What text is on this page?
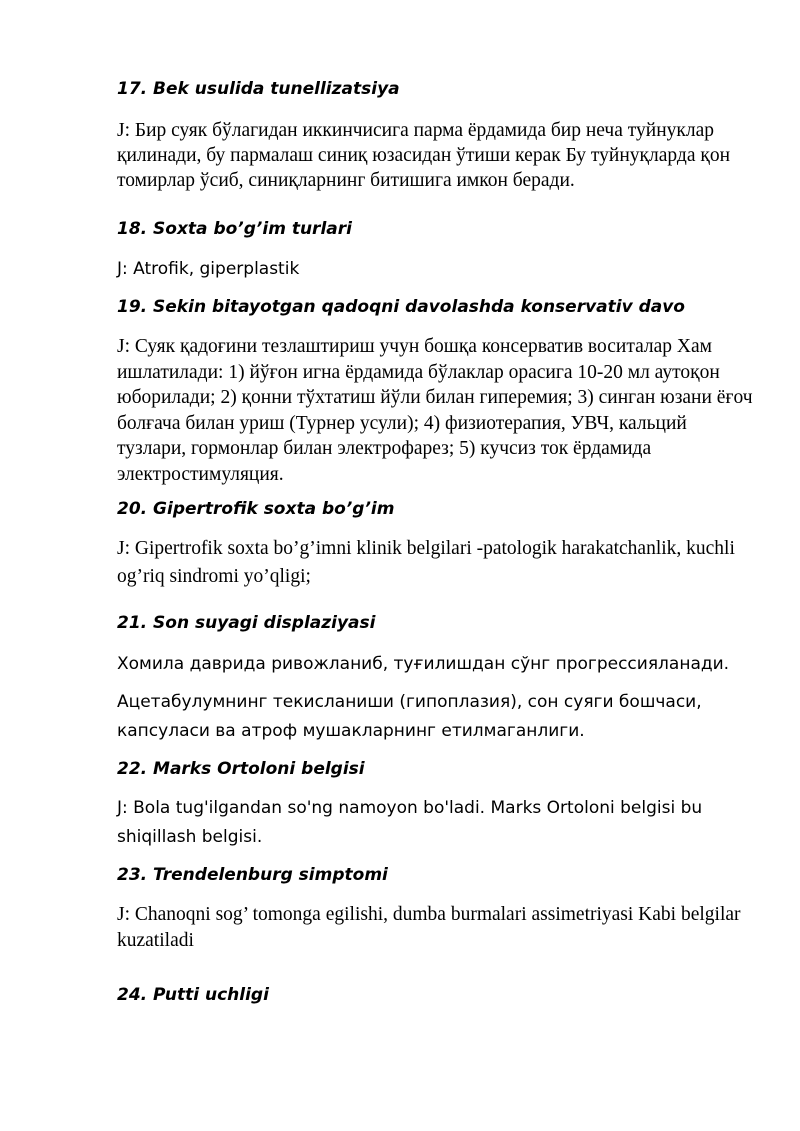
17. Bek usulida tunellizatsiya

J: Бир суяк бўлагидан иккинчисига парма ёрдамида бир неча туйнуклар қилинади, бу пармалаш синиқ юзасидан ўтиши керак Бу туйнуқларда қон томирлар ўсиб, синиқларнинг битишига имкон беради.

18. Soxta bo’g’im turlari

J: Atrofik, giperplastik

19. Sekin bitayotgan qadoqni davolashda konservativ davo

J: Суяк қадоғини тезлаштириш учун бошқа консерватив воситалар Хам ишлатилади: 1) йўғон игна ёрдамида бўлаклар орасига 10-20 мл аутоқон юборилади; 2) қонни тўхтатиш йўли билан гиперемия; 3) синган юзани ёғоч болғача билан уриш (Турнер усули); 4) физиотерапия, УВЧ, кальций тузлари, гормонлар билан электрофарез; 5) кучсиз ток ёрдамида электростимуляция.

20. Gipertrofik soxta bo’g’im

J: Gipertrofik soxta bo’g’imni klinik belgilari -patologik harakatchanlik, kuchli og’riq sindromi yo’qligi;

21. Son suyagi displaziyasi

Хомила даврида ривожланиб, туғилишдан сўнг прогрессияланади.

Ацетабулумнинг текисланиши (гипоплазия), сон суяги бошчаси, капсуласи ва атроф мушакларнинг етилмаганлиги.

22. Marks Ortoloni belgisi

J: Bola tug'ilgandan so'ng namoyon bo'ladi. Marks Ortoloni belgisi bu shiqillash belgisi.

23. Trendelenburg simptomi

J: Chanoqni sog’ tomonga egilishi, dumba burmalari assimetriyasi Kabi belgilar kuzatiladi

24. Putti uchligi
